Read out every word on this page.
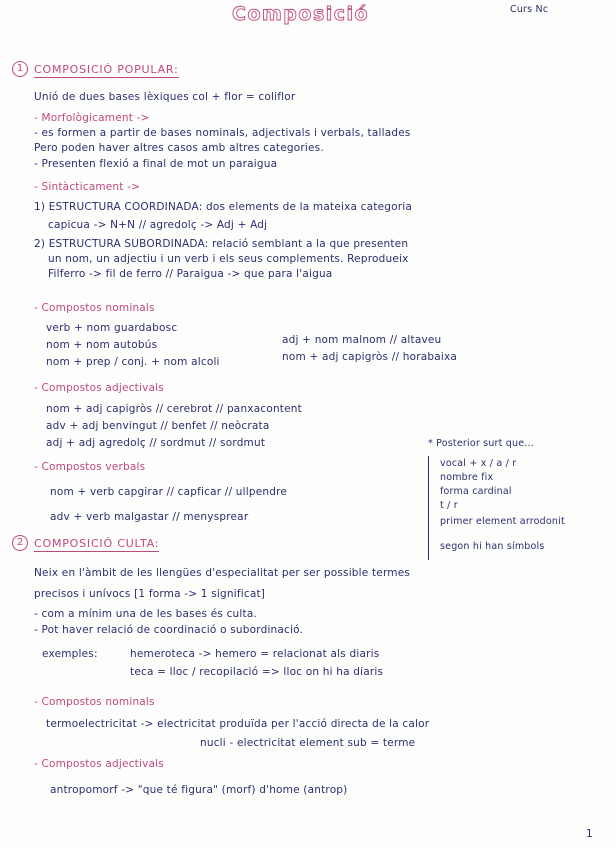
Composició	Curs Nc
1 COMPOSICIÓ POPULAR:
Unió de dues bases lèxiques col + flor = coliflor
- Morfològicament ->
- es formen a partir de bases nominals, adjectivals i verbals, tallades
Pero poden haver altres casos amb altres categories.
- Presenten flexió a final de mot un paraigua
- Sintàcticament ->
1) ESTRUCTURA COORDINADA: dos elements de la mateixa categoria
capicua -> N+N // agredolç -> Adj + Adj
2) ESTRUCTURA SUBORDINADA: relació semblant a la que presenten
un nom, un adjectiu i un verb i els seus complements. Reprodueix
Filferro -> fil de ferro // Paraigua -> que para l'aigua
- Compostos nominals
verb + nom guardabosc
nom + nom autobús
nom + prep / conj. + nom alcoli
adj + nom malnom // altaveu
nom + adj capigròs // horabaixa
- Compostos adjectivals
nom + adj capigròs // cerebrot // panxacontent
adv + adj benvingut // benfet // neòcrata
adj + adj agredolç // sordmut // sordmut
- Compostos verbals
nom + verb capgirar // capficar // ullpendre
adv + verb malgastar // menysprear
* Posterior surt que...
vocal + x / a / r
nombre fix
forma cardinal
t / r
primer element arrodonit
segon hi han símbols
2 COMPOSICIÓ CULTA:
Neix en l'àmbit de les llengües d'especialitat per ser possible termes
precisos i unívocs [1 forma -> 1 significat]
- com a mínim una de les bases és culta.
- Pot haver relació de coordinació o subordinació.
exemples:	hemeroteca -> hemero = relacionat als diaris
teca = lloc / recopilació => lloc on hi ha diaris
- Compostos nominals
termoelectricitat -> electricitat produïda per l'acció directa de la calor
nucli - electricitat element sub = terme
- Compostos adjectivals
antropomorf -> "que té figura" (morf) d'home (antrop)
1
